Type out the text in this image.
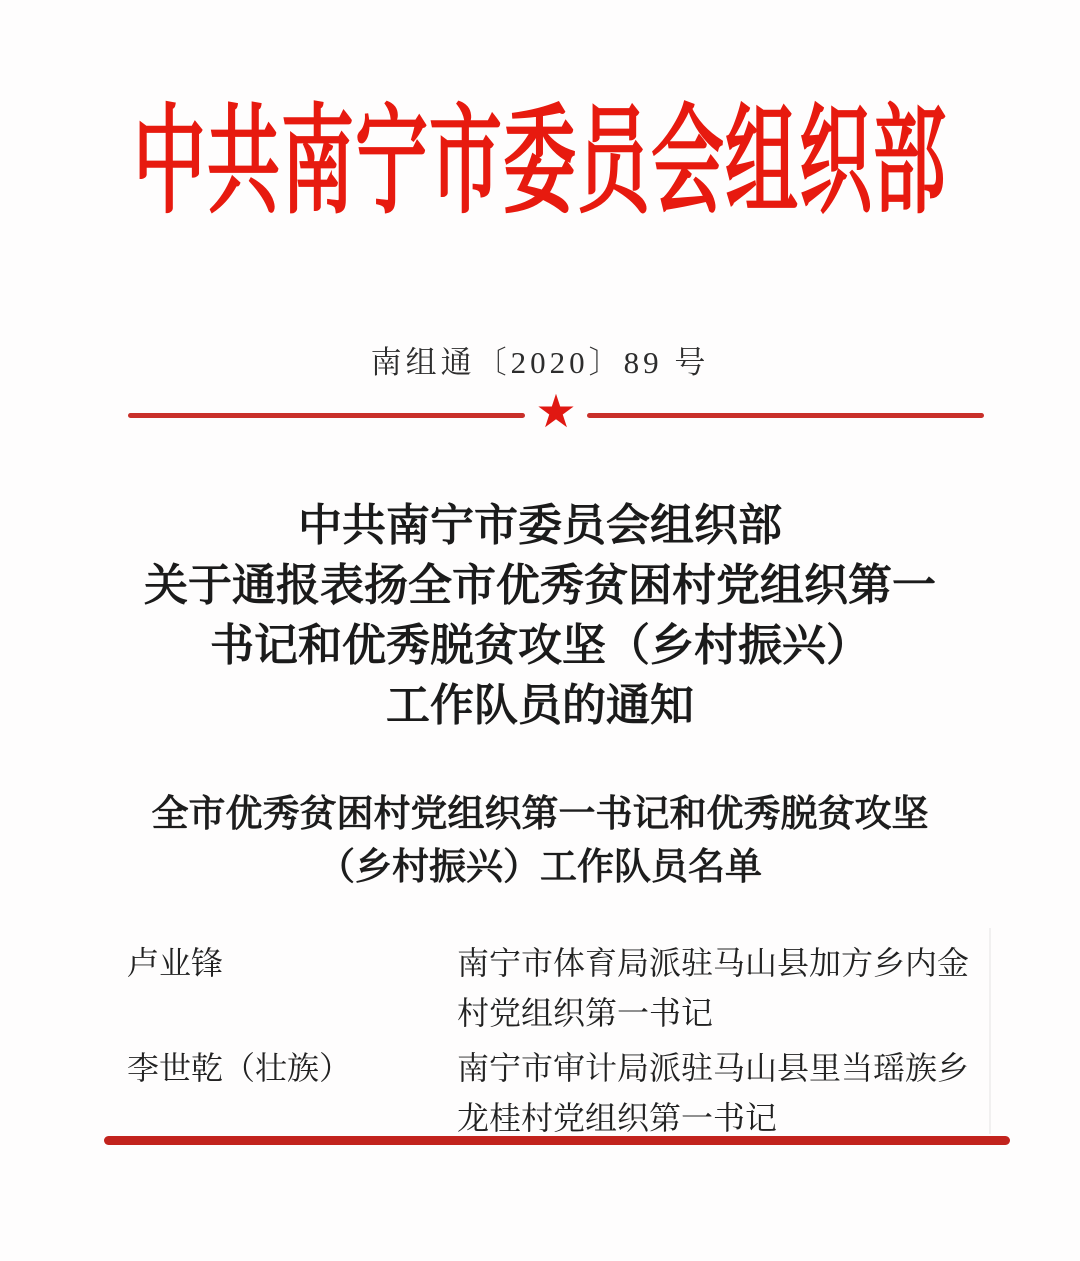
中共南宁市委员会组织部
南组通〔2020〕89 号
★
中共南宁市委员会组织部
关于通报表扬全市优秀贫困村党组织第一
书记和优秀脱贫攻坚（乡村振兴）
工作队员的通知
全市优秀贫困村党组织第一书记和优秀脱贫攻坚
（乡村振兴）工作队员名单
卢业锋	南宁市体育局派驻马山县加方乡内金村党组织第一书记
李世乾（壮族）	南宁市审计局派驻马山县里当瑶族乡龙桂村党组织第一书记
